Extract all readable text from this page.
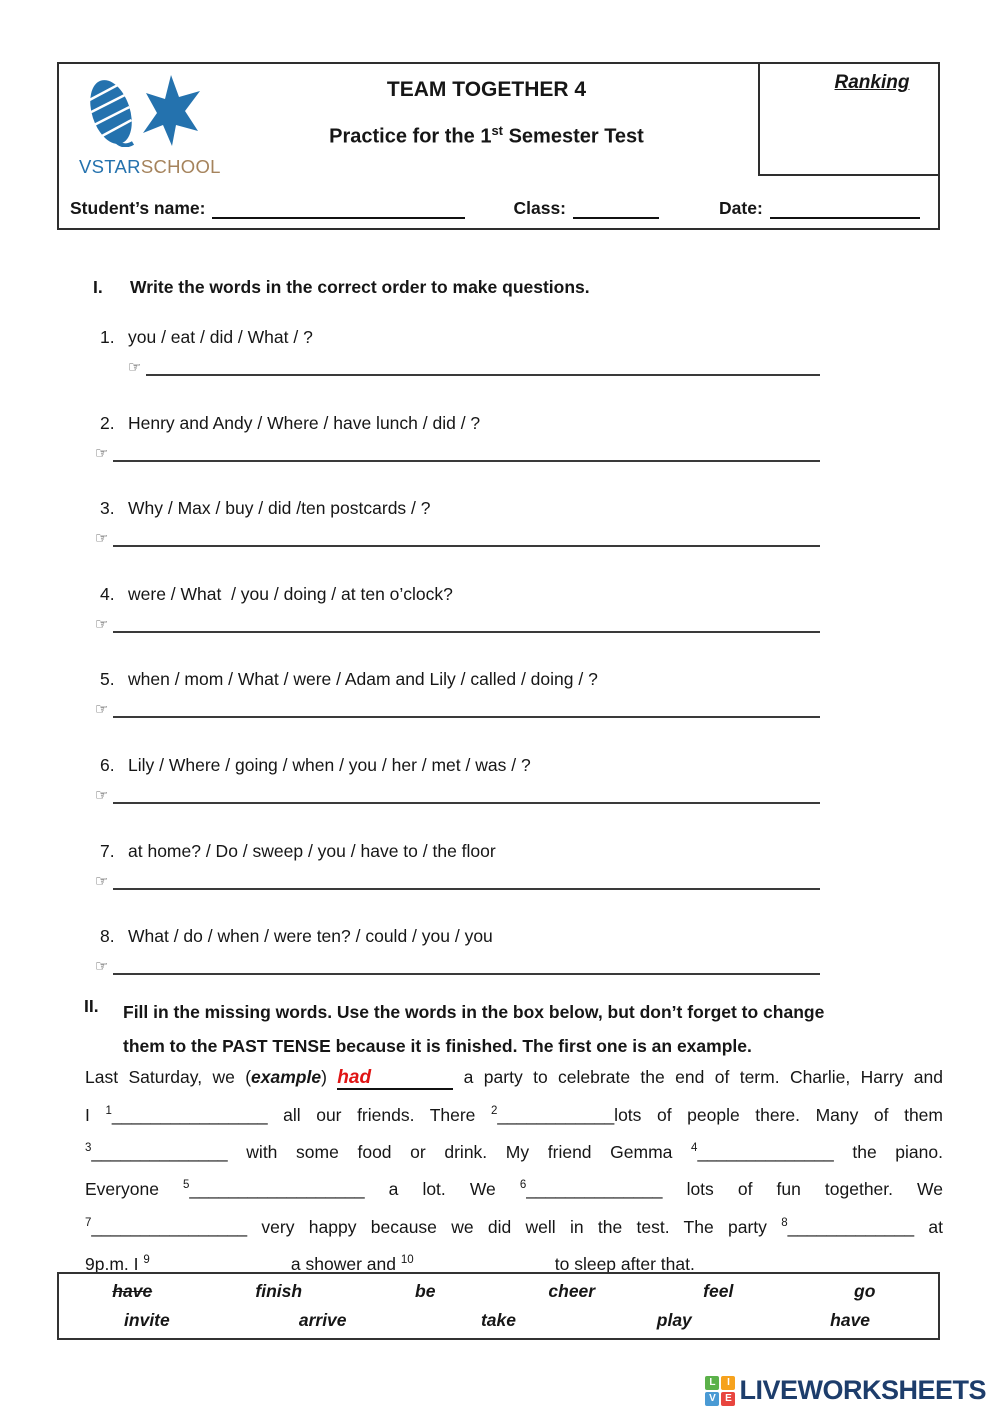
VSTARSCHOOL
TEAM TOGETHER 4
Practice for the 1st Semester Test
Ranking
Student’s name:	Class:	Date:
I.	Write the words in the correct order to make questions.
1. you / eat / did / What / ?
☞
2. Henry and Andy / Where / have lunch / did / ?
☞
3. Why / Max / buy / did /ten postcards / ?
☞
4. were / What  / you / doing / at ten o’clock?
☞
5. when / mom / What / were / Adam and Lily / called / doing / ?
☞
6. Lily / Where / going / when / you / her / met / was / ?
☞
7. at home? / Do / sweep / you / have to / the floor
☞
8. What / do / when / were ten? / could / you / you
☞
II.	Fill in the missing words. Use the words in the box below, but don’t forget to change
them to the PAST TENSE because it is finished. The first one is an example.
Last Saturday, we (example) had	a party to celebrate the end of term. Charlie, Harry and
I $^1$________________ all our friends. There $^2$____________lots of people there. Many of them
$^3$______________ with some food or drink. My friend Gemma $^4$______________ the piano.
Everyone $^5$__________________ a lot. We $^6$______________ lots of fun together. We
$^7$________________ very happy because we did well in the test. The party $^8$_____________ at
9p.m. I $^9$______________ a shower and $^{10}$______________ to sleep after that.
have	finish	be	cheer	feel	go
invite	arrive	take	play	have
L	I
V E LIVEWORKSHEETS
